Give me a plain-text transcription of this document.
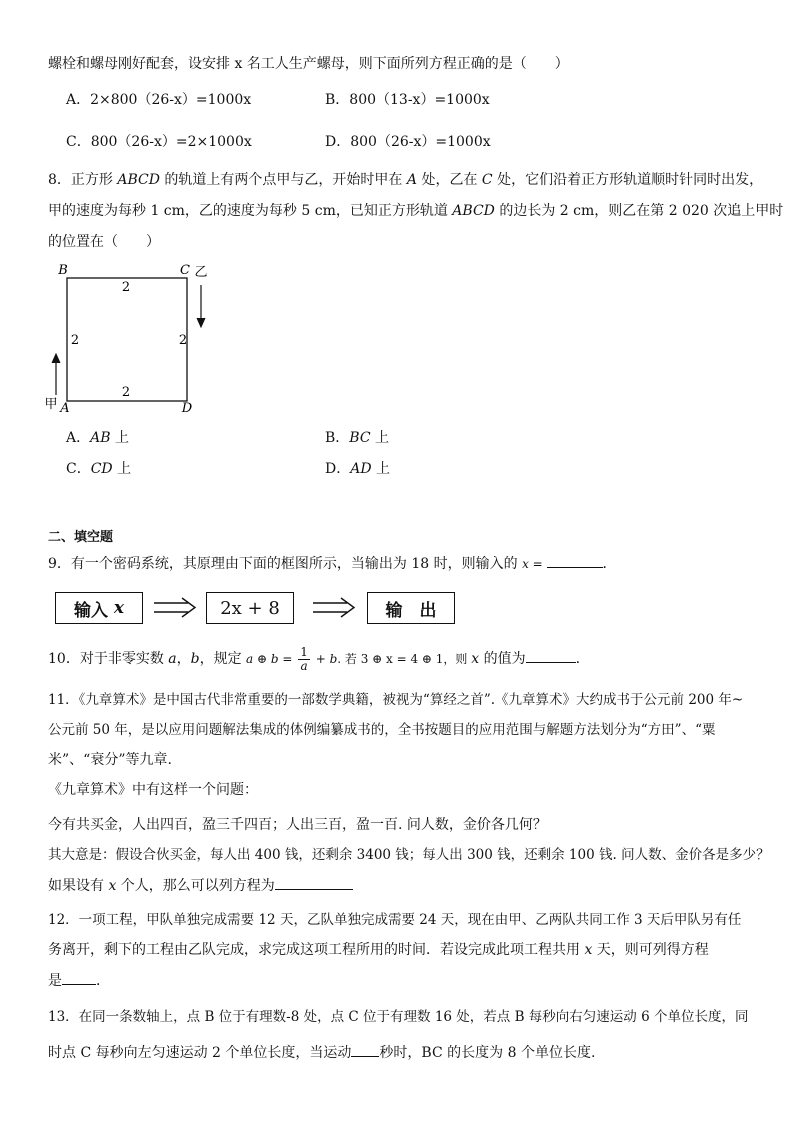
螺栓和螺母刚好配套，设安排 x 名工人生产螺母，则下面所列方程正确的是（　　）
A．2×800（26-x）=1000x	B．800（13-x）=1000x
C．800（26-x）=2×1000x	D．800（26-x）=1000x
8．正方形 ABCD 的轨道上有两个点甲与乙，开始时甲在 A 处，乙在 C 处，它们沿着正方形轨道顺时针同时出发，
甲的速度为每秒 1 cm，乙的速度为每秒 5 cm，已知正方形轨道 ABCD 的边长为 2 cm，则乙在第 2 020 次追上甲时
的位置在（　　）
B	C 乙
A	D
甲
2
2	2
2
A．AB 上	B．BC 上
C．CD 上	D．AD 上
二、填空题
9．有一个密码系统，其原理由下面的框图所示，当输出为 18 时，则输入的 x =	．
输入
x	2x + 8	输　出
10．对于非零实数 a，b，规定 a ⊕ $b = \frac{1}{a} + b$. 若 3 ⊕ x = 4 ⊕ 1，则 x 的值为	.
11．《九章算术》是中国古代非常重要的一部数学典籍，被视为“算经之首”.《九章算术》大约成书于公元前 200 年~
公元前 50 年，是以应用问题解法集成的体例编纂成书的，全书按题目的应用范围与解题方法划分为“方田”、“粟
米”、“衰分”等九章.
《九章算术》中有这样一个问题：
今有共买金，人出四百，盈三千四百；人出三百，盈一百. 问人数，金价各几何？
其大意是：假设合伙买金，每人出 400 钱，还剩余 3400 钱；每人出 300 钱，还剩余 100 钱. 问人数、金价各是多少？
如果设有 x 个人，那么可以列方程为
12．一项工程，甲队单独完成需要 12 天，乙队单独完成需要 24 天，现在由甲、乙两队共同工作 3 天后甲队另有任
务离开，剩下的工程由乙队完成，求完成这项工程所用的时间．若设完成此项工程共用 x 天，则可列得方程
是 ．
13．在同一条数轴上，点 B 位于有理数-8 处，点 C 位于有理数 16 处，若点 B 每秒向右匀速运动 6 个单位长度，同
时点 C 每秒向左匀速运动 2 个单位长度，当运动 秒时，BC 的长度为 8 个单位长度.
